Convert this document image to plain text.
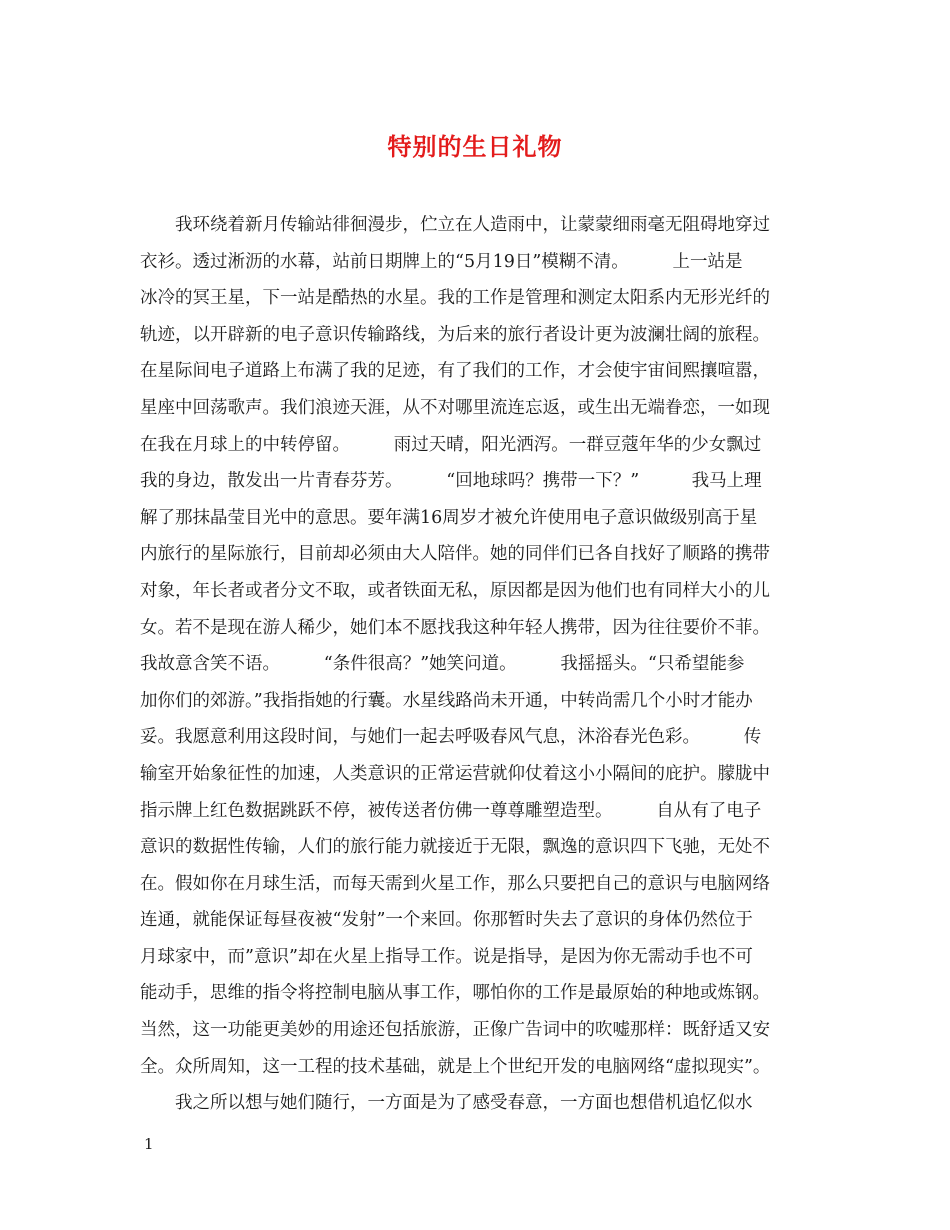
特别的生日礼物
　　我环绕着新月传输站徘徊漫步，伫立在人造雨中，让蒙蒙细雨毫无阻碍地穿过
衣衫。透过淅沥的水幕，站前日期牌上的“5月19日”模糊不清。　　　上一站是
冰冷的冥王星，下一站是酷热的水星。我的工作是管理和测定太阳系内无形光纤的
轨迹，以开辟新的电子意识传输路线，为后来的旅行者设计更为波澜壮阔的旅程。
在星际间电子道路上布满了我的足迹，有了我们的工作，才会使宇宙间熙攘喧嚣，
星座中回荡歌声。我们浪迹天涯，从不对哪里流连忘返，或生出无端眷恋，一如现
在我在月球上的中转停留。　　　雨过天晴，阳光洒泻。一群豆蔻年华的少女飘过
我的身边，散发出一片青春芬芳。　　　“回地球吗？携带一下？”　　　我马上理
解了那抹晶莹目光中的意思。要年满16周岁才被允许使用电子意识做级别高于星
内旅行的星际旅行，目前却必须由大人陪伴。她的同伴们已各自找好了顺路的携带
对象，年长者或者分文不取，或者铁面无私，原因都是因为他们也有同样大小的儿
女。若不是现在游人稀少，她们本不愿找我这种年轻人携带，因为往往要价不菲。
我故意含笑不语。　　　“条件很高？”她笑问道。　　　我摇摇头。“只希望能参
加你们的郊游。”我指指她的行囊。水星线路尚未开通，中转尚需几个小时才能办
妥。我愿意利用这段时间，与她们一起去呼吸春风气息，沐浴春光色彩。　　　传
输室开始象征性的加速，人类意识的正常运营就仰仗着这小小隔间的庇护。朦胧中
指示牌上红色数据跳跃不停，被传送者仿佛一尊尊雕塑造型。　　　自从有了电子
意识的数据性传输，人们的旅行能力就接近于无限，飘逸的意识四下飞驰，无处不
在。假如你在月球生活，而每天需到火星工作，那么只要把自己的意识与电脑网络
连通，就能保证每昼夜被“发射”一个来回。你那暂时失去了意识的身体仍然位于
月球家中，而”意识”却在火星上指导工作。说是指导，是因为你无需动手也不可
能动手，思维的指令将控制电脑从事工作，哪怕你的工作是最原始的种地或炼钢。
当然，这一功能更美妙的用途还包括旅游，正像广告词中的吹嘘那样：既舒适又安
全。众所周知，这一工程的技术基础，就是上个世纪开发的电脑网络“虚拟现实”。
　　我之所以想与她们随行，一方面是为了感受春意，一方面也想借机追忆似水
1
